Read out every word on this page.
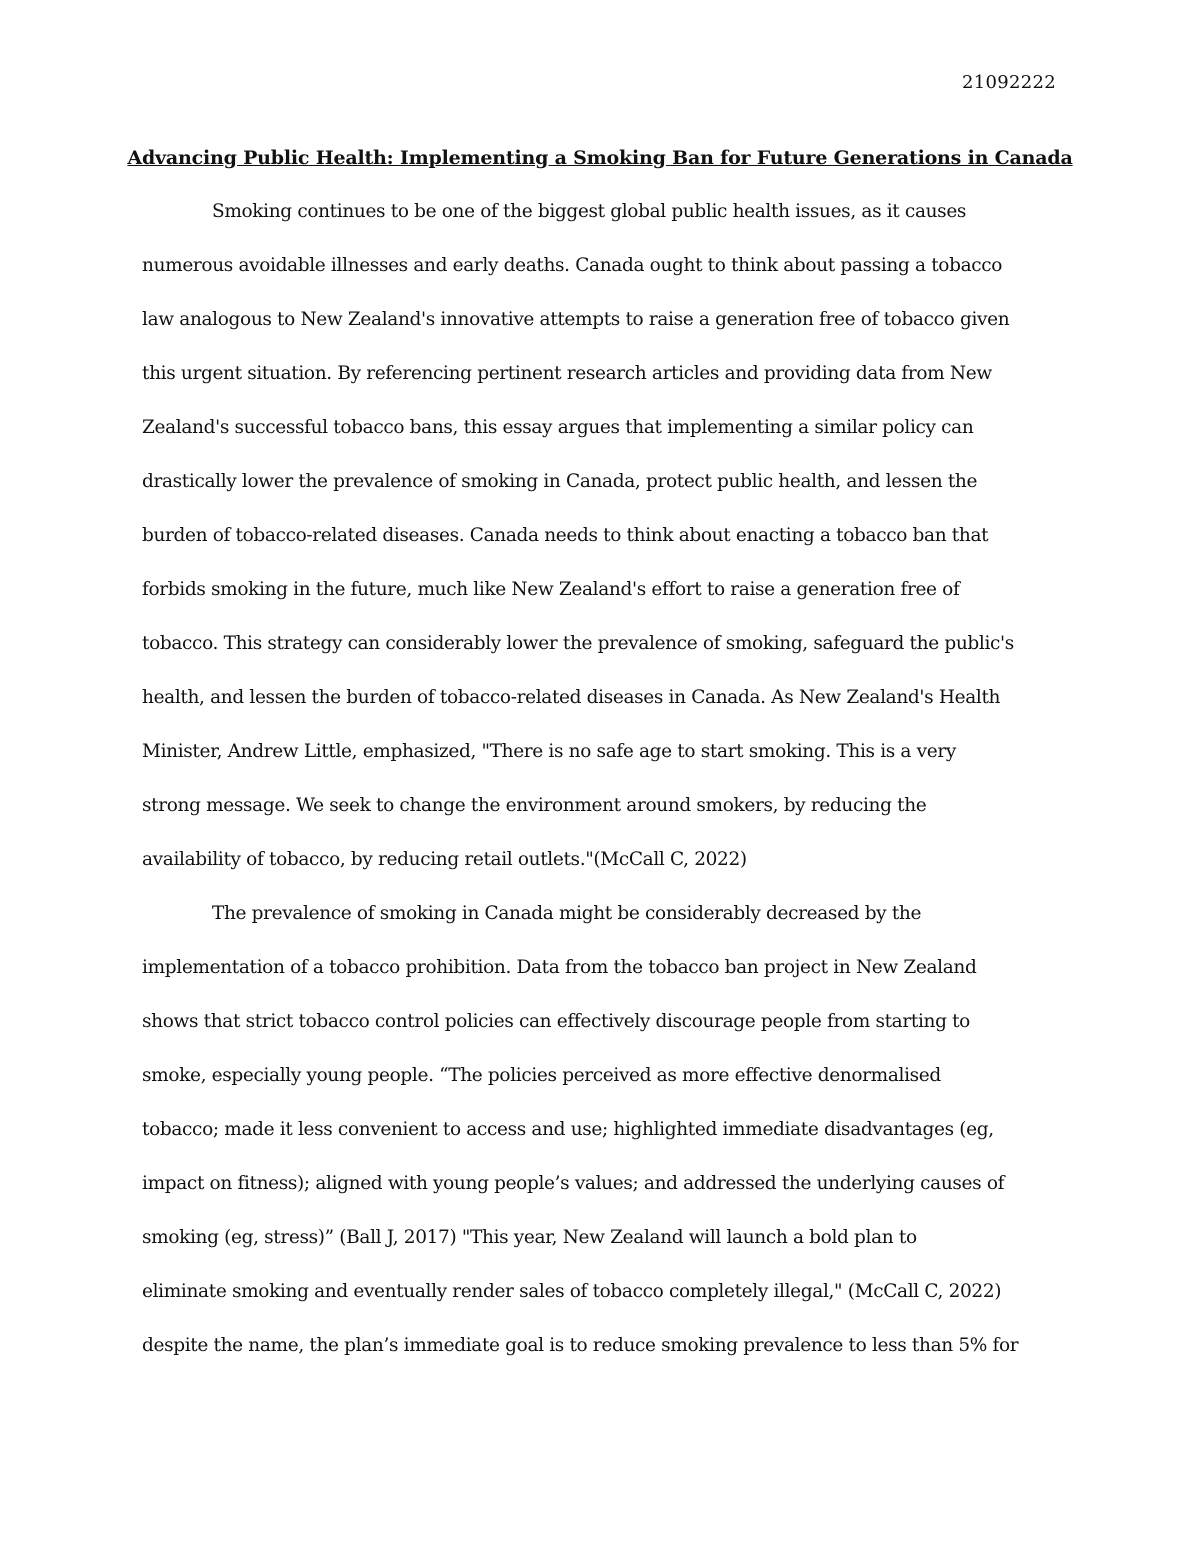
21092222
Advancing Public Health: Implementing a Smoking Ban for Future Generations in Canada
Smoking continues to be one of the biggest global public health issues, as it causes
numerous avoidable illnesses and early deaths. Canada ought to think about passing a tobacco
law analogous to New Zealand's innovative attempts to raise a generation free of tobacco given
this urgent situation. By referencing pertinent research articles and providing data from New
Zealand's successful tobacco bans, this essay argues that implementing a similar policy can
drastically lower the prevalence of smoking in Canada, protect public health, and lessen the
burden of tobacco-related diseases. Canada needs to think about enacting a tobacco ban that
forbids smoking in the future, much like New Zealand's effort to raise a generation free of
tobacco. This strategy can considerably lower the prevalence of smoking, safeguard the public's
health, and lessen the burden of tobacco-related diseases in Canada. As New Zealand's Health
Minister, Andrew Little, emphasized, "There is no safe age to start smoking. This is a very
strong message. We seek to change the environment around smokers, by reducing the
availability of tobacco, by reducing retail outlets."(McCall C, 2022)
The prevalence of smoking in Canada might be considerably decreased by the
implementation of a tobacco prohibition. Data from the tobacco ban project in New Zealand
shows that strict tobacco control policies can effectively discourage people from starting to
smoke, especially young people. “The policies perceived as more effective denormalised
tobacco; made it less convenient to access and use; highlighted immediate disadvantages (eg,
impact on fitness); aligned with young people’s values; and addressed the underlying causes of
smoking (eg, stress)” (Ball J, 2017) "This year, New Zealand will launch a bold plan to
eliminate smoking and eventually render sales of tobacco completely illegal," (McCall C, 2022)
despite the name, the plan’s immediate goal is to reduce smoking prevalence to less than 5% for
